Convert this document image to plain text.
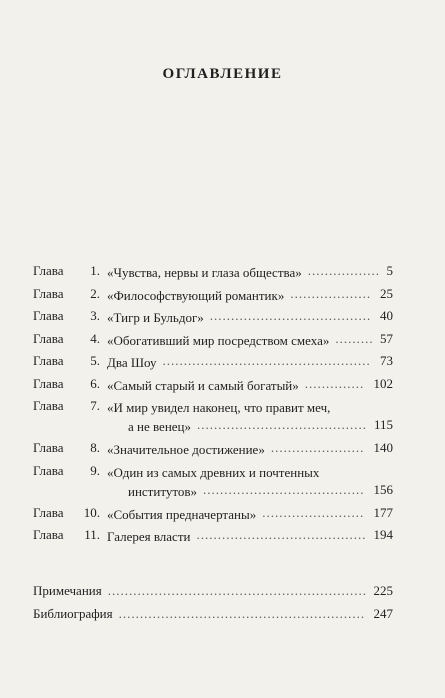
ОГЛАВЛЕНИЕ
Глава	1. «Чувства, нервы и глаза общества» ................. 5
Глава	2. «Философствующий романтик» ................... 25
Глава	3. «Тигр и Бульдог» ...................................... 40
Глава	4. «Обогативший мир посредством смеха» ......... 57
Глава	5. Два Шоу ................................................. 73
Глава	6. «Самый старый и самый богатый» .............. 102
Глава	7. «И мир увидел наконец, что правит меч,
а не венец» ........................................ 115
Глава	8. «Значительное достижение» ...................... 140
Глава	9. «Один из самых древних и почтенных
институтов» ...................................... 156
Глава	10. «События предначертаны» ........................ 177
Глава	11. Галерея власти ........................................ 194
Примечания ............................................................. 225
Библиография .......................................................... 247
